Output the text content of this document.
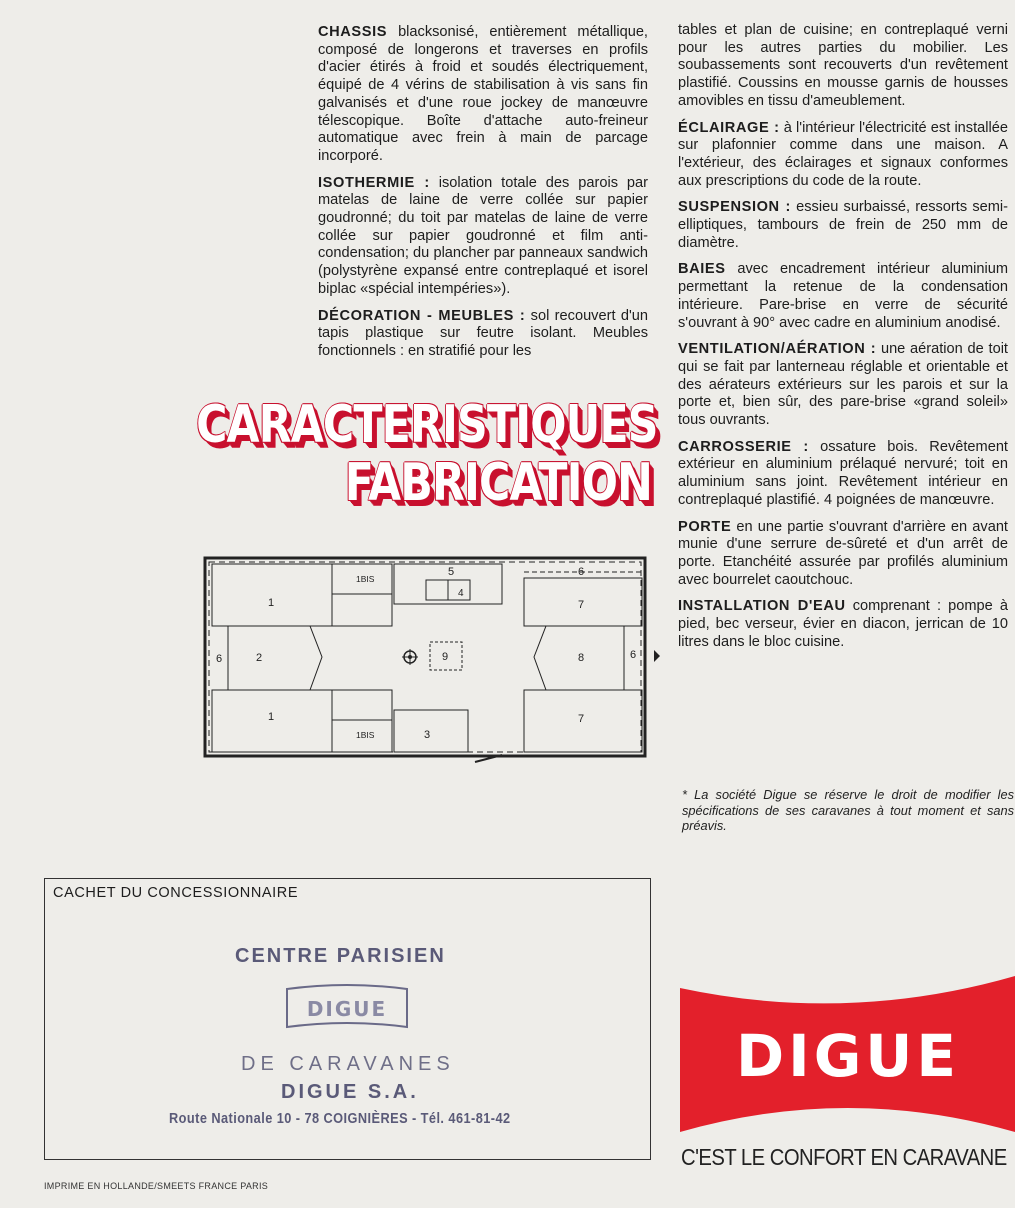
CHASSIS blacksonisé, entièrement métallique, composé de longerons et traverses en profils d'acier étirés à froid et soudés électriquement, équipé de 4 vérins de stabilisation à vis sans fin galvanisés et d'une roue jockey de manœuvre télescopique. Boîte d'attache auto-freineur automatique avec frein à main de parcage incorporé.

ISOTHERMIE : isolation totale des parois par matelas de laine de verre collée sur papier goudronné; du toit par matelas de laine de verre collée sur papier goudronné et film anti-condensation; du plancher par panneaux sandwich (polystyrène expansé entre contreplaqué et isorel biplac «spécial intempéries»).

DÉCORATION - MEUBLES : sol recouvert d'un tapis plastique sur feutre isolant. Meubles fonctionnels : en stratifié pour les

tables et plan de cuisine; en contreplaqué verni pour les autres parties du mobilier. Les soubassements sont recouverts d'un revêtement plastifié. Coussins en mousse garnis de housses amovibles en tissu d'ameublement.

ÉCLAIRAGE : à l'intérieur l'électricité est installée sur plafonnier comme dans une maison. A l'extérieur, des éclairages et signaux conformes aux prescriptions du code de la route.

SUSPENSION : essieu surbaissé, ressorts semi-elliptiques, tambours de frein de 250 mm de diamètre.

BAIES avec encadrement intérieur aluminium permettant la retenue de la condensation intérieure. Pare-brise en verre de sécurité s'ouvrant à 90° avec cadre en aluminium anodisé.

VENTILATION/AÉRATION : une aération de toit qui se fait par lanterneau réglable et orientable et des aérateurs extérieurs sur les parois et sur la porte et, bien sûr, des pare-brise «grand soleil» tous ouvrants.

CARROSSERIE : ossature bois. Revêtement extérieur en aluminium prélaqué nervuré; toit en aluminium sans joint. Revêtement intérieur en contreplaqué plastifié. 4 poignées de manœuvre.

PORTE en une partie s'ouvrant d'arrière en avant munie d'une serrure de-sûreté et d'un arrêt de porte. Etanchéité assurée par profilés aluminium avec bourrelet caoutchouc.

INSTALLATION D'EAU comprenant : pompe à pied, bec verseur, évier en diacon, jerrican de 10 litres dans le bloc cuisine.

CARACTERISTIQUES
FABRICATION
1BIS
1BIS
1
1
2
3
4
5
6	6
6
7
7
8
9
* La société Digue se réserve le droit de modifier les spécifications de ses caravanes à tout moment et sans préavis.
CACHET DU CONCESSIONNAIRE
CENTRE PARISIEN
DIGUE
DE CARAVANES
DIGUE S.A.
Route Nationale 10 - 78 COIGNIÈRES - Tél. 461-81-42
DIGUE
C'EST LE CONFORT EN CARAVANE
IMPRIME EN HOLLANDE/SMEETS FRANCE PARIS
